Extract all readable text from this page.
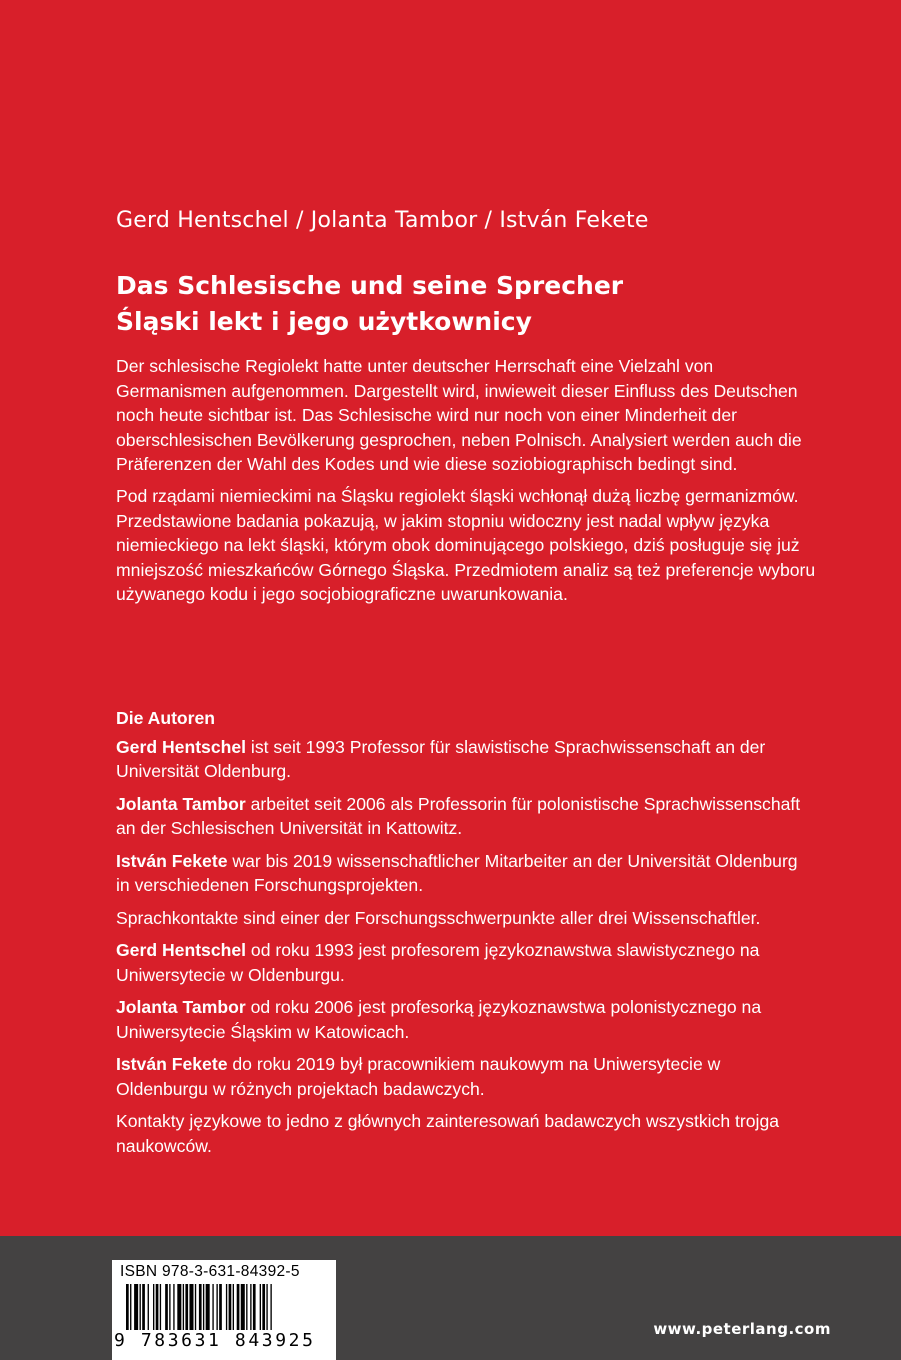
Gerd Hentschel / Jolanta Tambor / István Fekete
Das Schlesische und seine Sprecher
Śląski lekt i jego użytkownicy

Der schlesische Regiolekt hatte unter deutscher Herrschaft eine Vielzahl von Germanismen aufgenommen. Dargestellt wird, inwieweit dieser Einfluss des Deutschen noch heute sichtbar ist. Das Schlesische wird nur noch von einer Minderheit der oberschlesischen Bevölkerung gesprochen, neben Polnisch. Analysiert werden auch die Präferenzen der Wahl des Kodes und wie diese soziobiographisch bedingt sind.

Pod rządami niemieckimi na Śląsku regiolekt śląski wchłonął dużą liczbę germanizmów. Przedstawione badania pokazują, w jakim stopniu widoczny jest nadal wpływ języka niemieckiego na lekt śląski, którym obok dominującego polskiego, dziś posługuje się już mniejszość mieszkańców Górnego Śląska. Przedmiotem analiz są też preferencje wyboru używanego kodu i jego socjobiograficzne uwarunkowania.

Die Autoren

Gerd Hentschel ist seit 1993 Professor für slawistische Sprachwissenschaft an der Universität Oldenburg.

Jolanta Tambor arbeitet seit 2006 als Professorin für polonistische Sprachwissenschaft an der Schlesischen Universität in Kattowitz.

István Fekete war bis 2019 wissenschaftlicher Mitarbeiter an der Universität Oldenburg in verschiedenen Forschungsprojekten.

Sprachkontakte sind einer der Forschungsschwerpunkte aller drei Wissenschaftler.

Gerd Hentschel od roku 1993 jest profesorem językoznawstwa slawistycznego na Uniwersytecie w Oldenburgu.

Jolanta Tambor od roku 2006 jest profesorką językoznawstwa polonistycznego na Uniwersytecie Śląskim w Katowicach.

István Fekete do roku 2019 był pracownikiem naukowym na Uniwersytecie w Oldenburgu w różnych projektach badawczych.

Kontakty językowe to jedno z głównych zainteresowań badawczych wszystkich trojga naukowców.

ISBN 978-3-631-84392-5
9 783631 843925
www.peterlang.com
